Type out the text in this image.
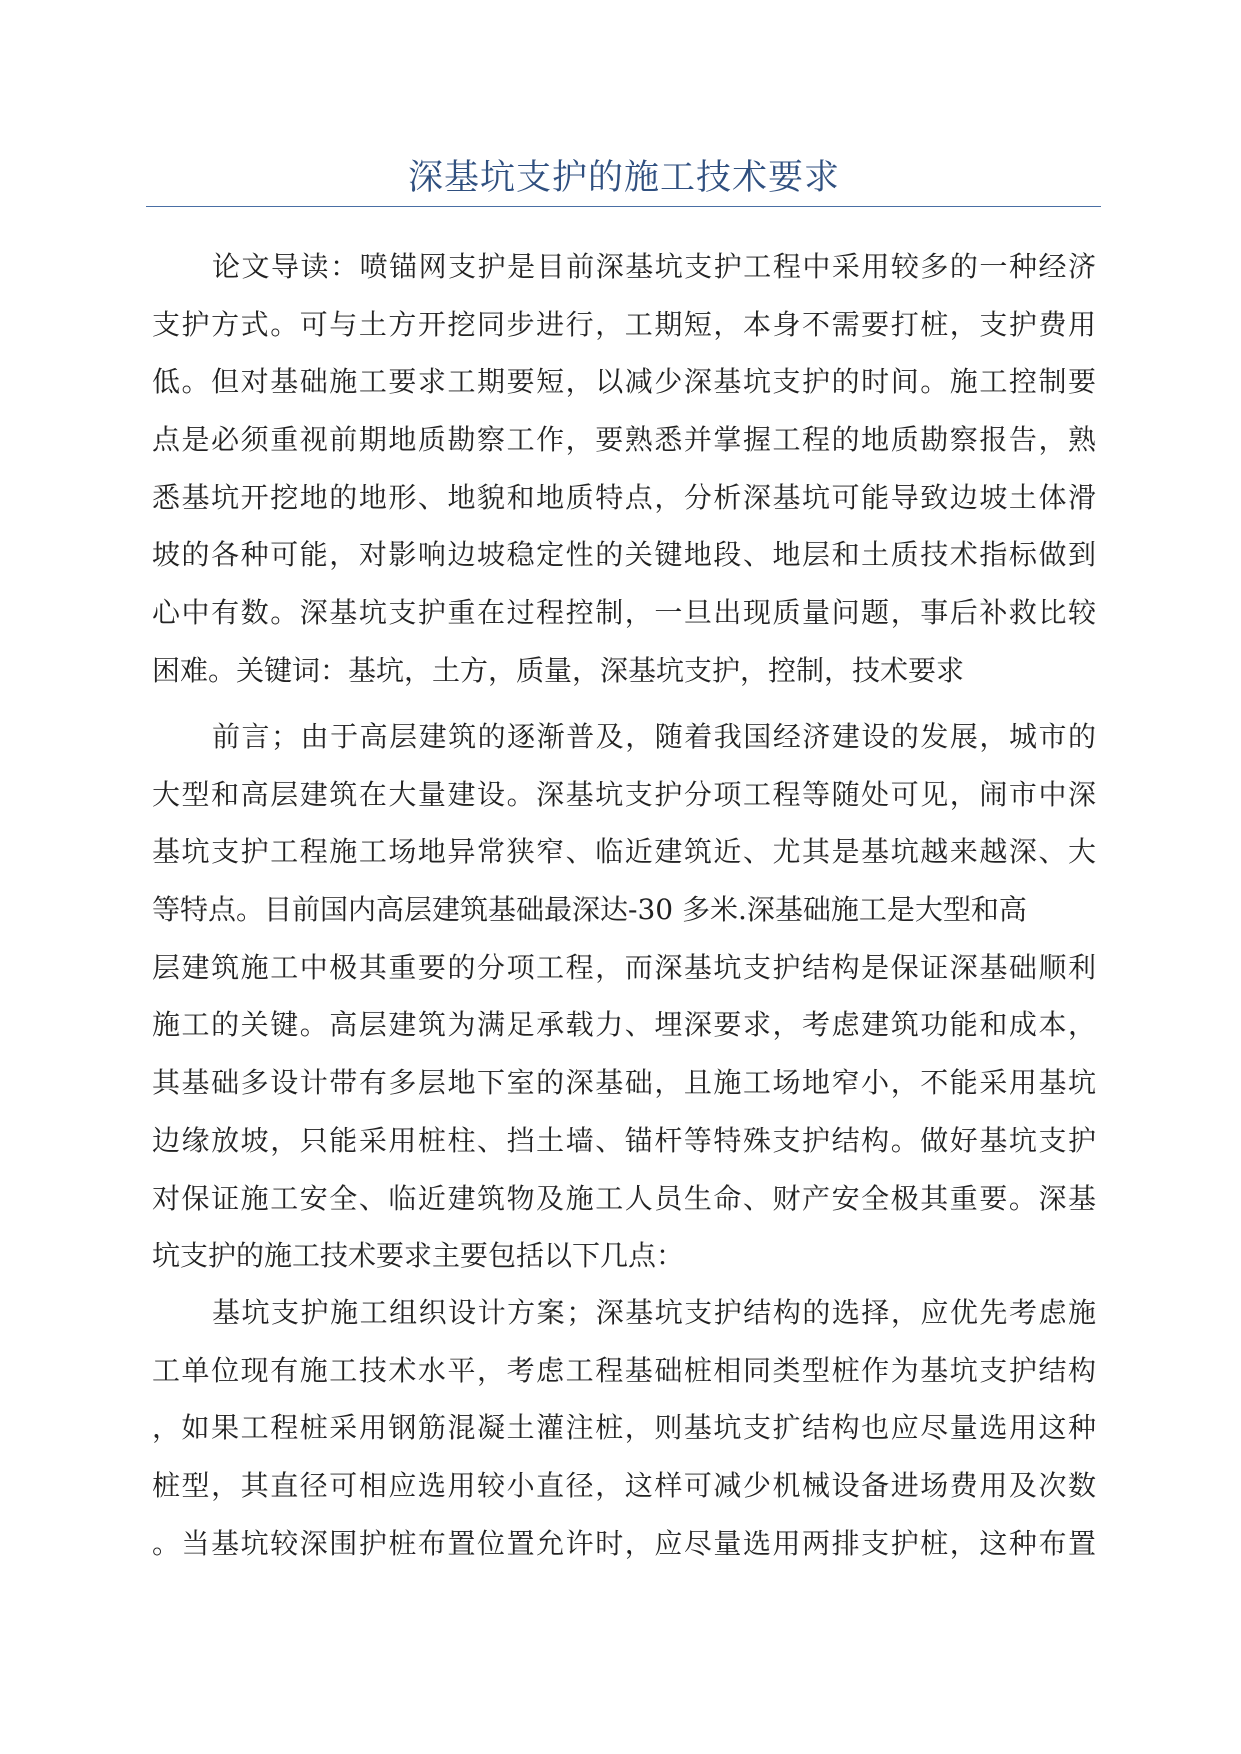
深基坑支护的施工技术要求
论文导读：喷锚网支护是目前深基坑支护工程中采用较多的一种经济
支护方式。可与土方开挖同步进行，工期短，本身不需要打桩，支护费用
低。但对基础施工要求工期要短，以减少深基坑支护的时间。施工控制要
点是必须重视前期地质勘察工作，要熟悉并掌握工程的地质勘察报告，熟
悉基坑开挖地的地形、地貌和地质特点，分析深基坑可能导致边坡土体滑
坡的各种可能，对影响边坡稳定性的关键地段、地层和土质技术指标做到
心中有数。深基坑支护重在过程控制，一旦出现质量问题，事后补救比较
困难。关键词：基坑，土方，质量，深基坑支护，控制，技术要求
前言；由于高层建筑的逐渐普及，随着我国经济建设的发展，城市的
大型和高层建筑在大量建设。深基坑支护分项工程等随处可见，闹市中深
基坑支护工程施工场地异常狭窄、临近建筑近、尤其是基坑越来越深、大
等特点。目前国内高层建筑基础最深达-30 多米.深基础施工是大型和高
层建筑施工中极其重要的分项工程，而深基坑支护结构是保证深基础顺利
施工的关键。高层建筑为满足承载力、埋深要求，考虑建筑功能和成本，
其基础多设计带有多层地下室的深基础，且施工场地窄小，不能采用基坑
边缘放坡，只能采用桩柱、挡土墙、锚杆等特殊支护结构。做好基坑支护
对保证施工安全、临近建筑物及施工人员生命、财产安全极其重要。深基
坑支护的施工技术要求主要包括以下几点：
基坑支护施工组织设计方案；深基坑支护结构的选择，应优先考虑施
工单位现有施工技术水平，考虑工程基础桩相同类型桩作为基坑支护结构
，如果工程桩采用钢筋混凝土灌注桩，则基坑支扩结构也应尽量选用这种
桩型，其直径可相应选用较小直径，这样可减少机械设备进场费用及次数
。当基坑较深围护桩布置位置允许时，应尽量选用两排支护桩，这种布置
